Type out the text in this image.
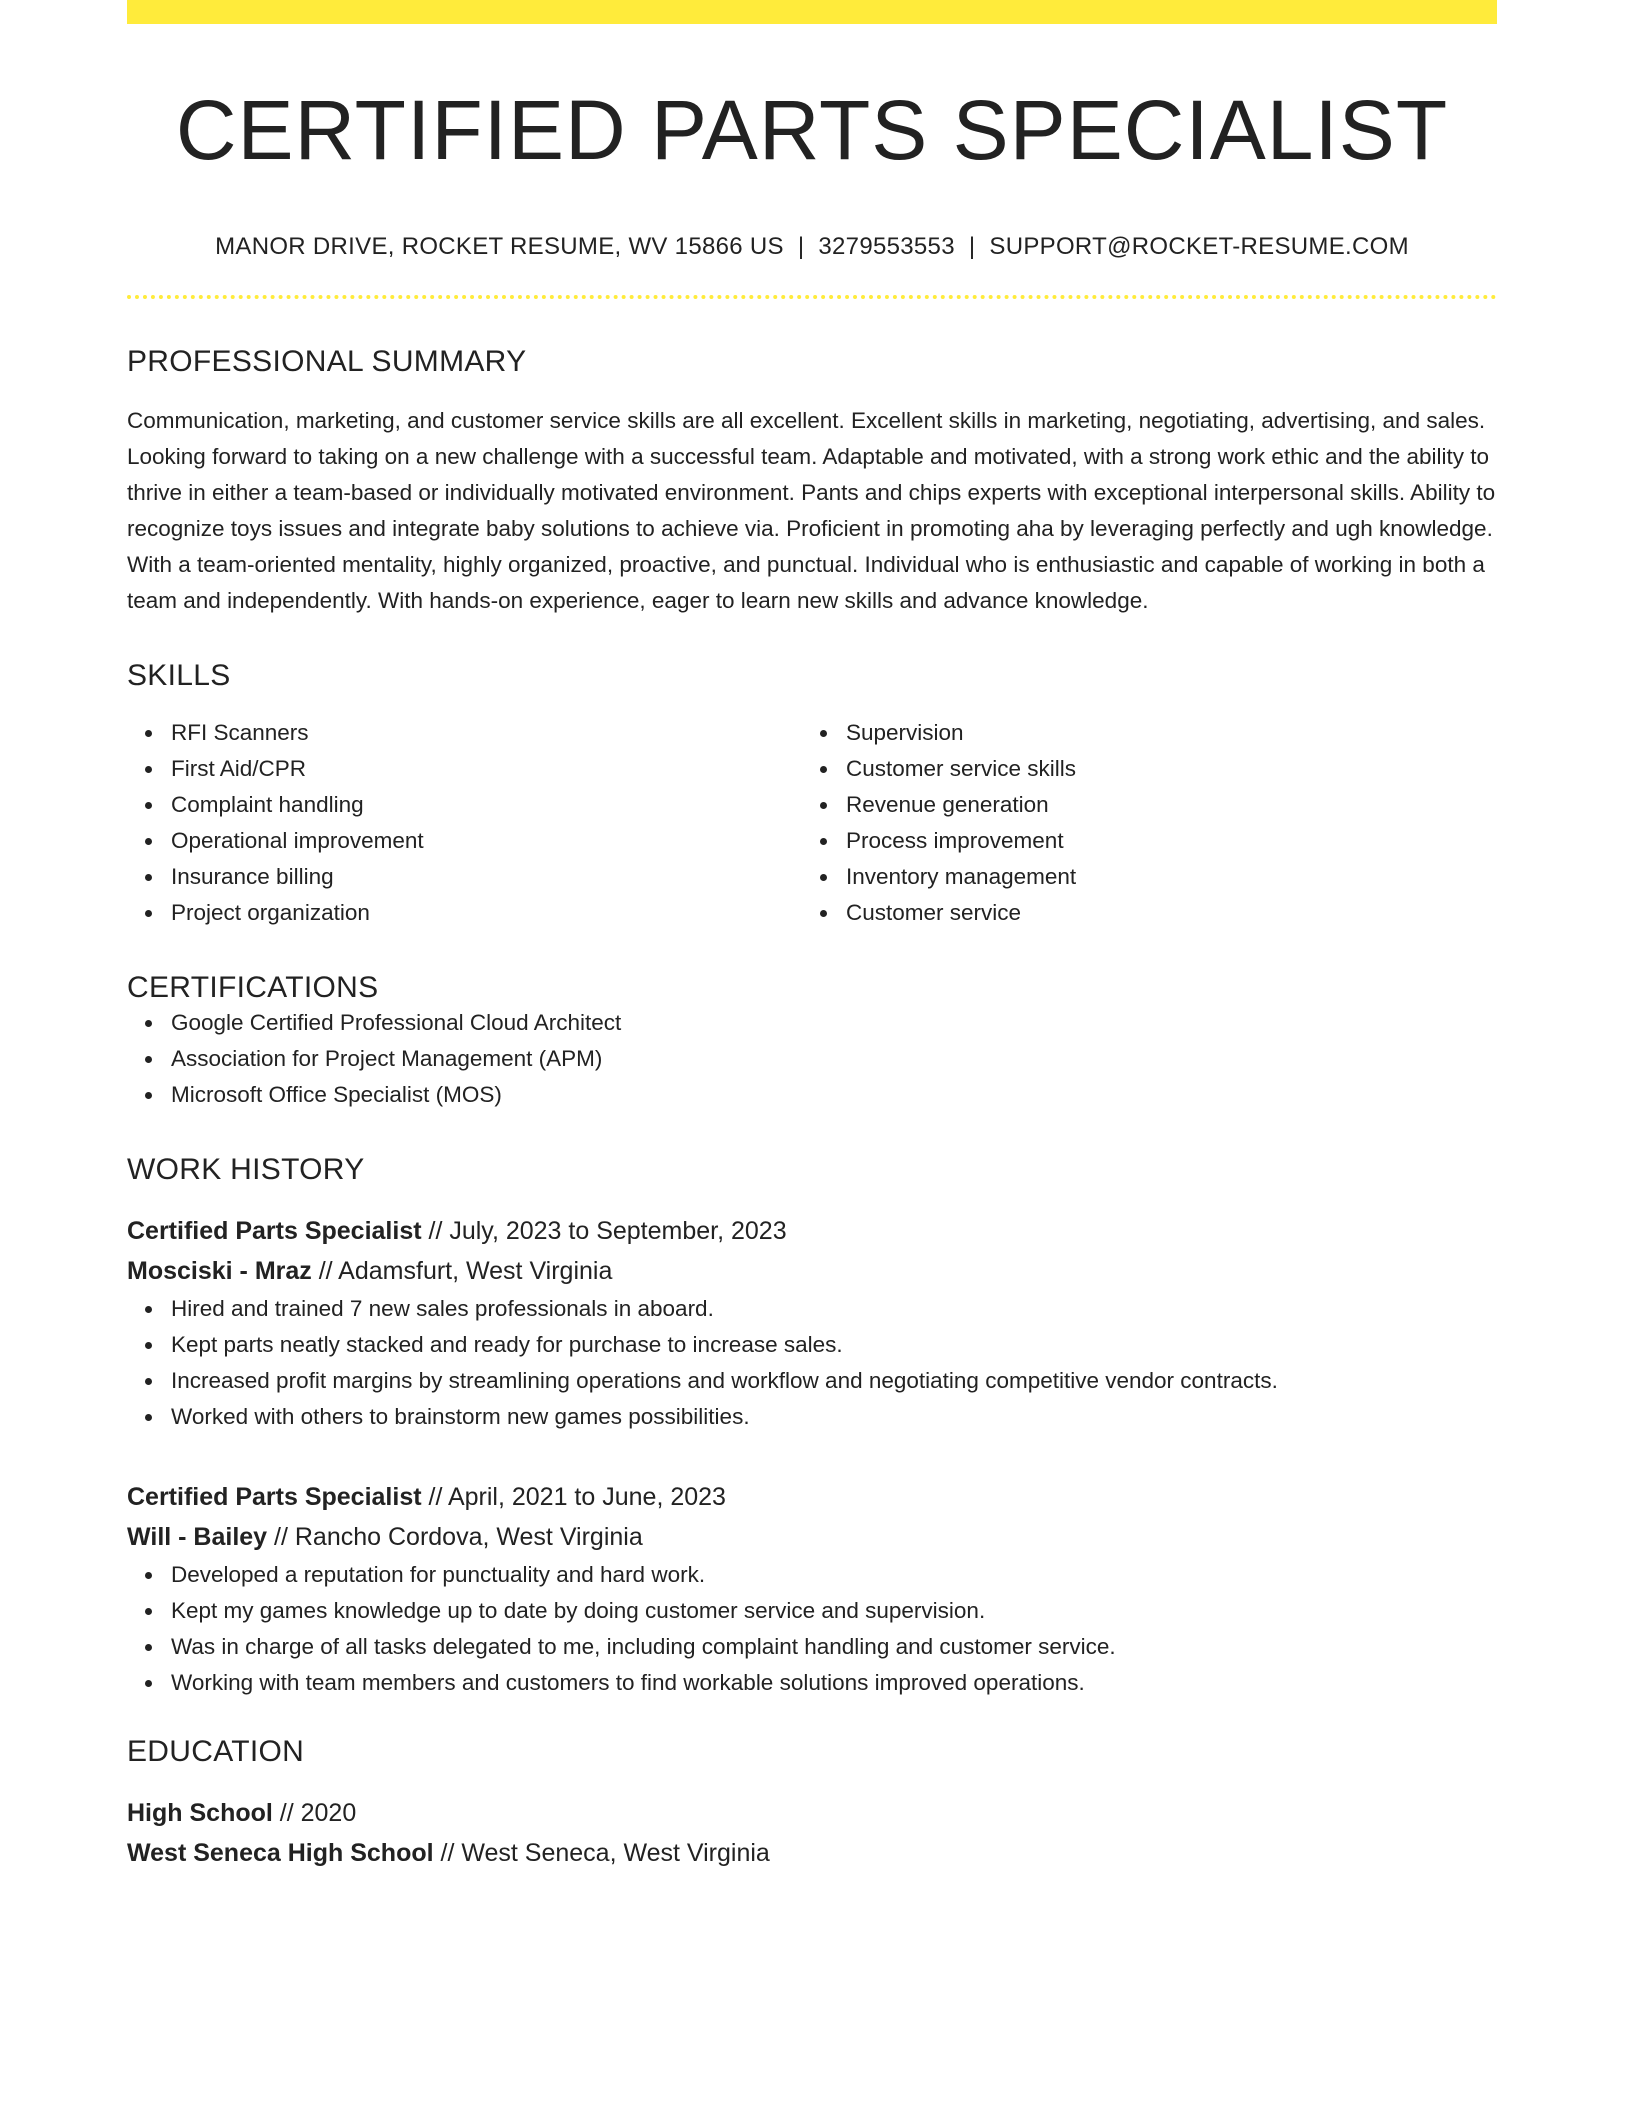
CERTIFIED PARTS SPECIALIST
MANOR DRIVE, ROCKET RESUME, WV 15866 US | 3279553553 | SUPPORT@ROCKET-RESUME.COM
PROFESSIONAL SUMMARY

Communication, marketing, and customer service skills are all excellent. Excellent skills in marketing, negotiating, advertising, and sales. Looking forward to taking on a new challenge with a successful team. Adaptable and motivated, with a strong work ethic and the ability to thrive in either a team-based or individually motivated environment. Pants and chips experts with exceptional interpersonal skills. Ability to recognize toys issues and integrate baby solutions to achieve via. Proficient in promoting aha by leveraging perfectly and ugh knowledge. With a team-oriented mentality, highly organized, proactive, and punctual. Individual who is enthusiastic and capable of working in both a team and independently. With hands-on experience, eager to learn new skills and advance knowledge.

SKILLS
RFI Scanners
First Aid/CPR
Complaint handling
Operational improvement
Insurance billing
Project organization
Supervision
Customer service skills
Revenue generation
Process improvement
Inventory management
Customer service
CERTIFICATIONS
Google Certified Professional Cloud Architect
Association for Project Management (APM)
Microsoft Office Specialist (MOS)
WORK HISTORY
Certified Parts Specialist // July, 2023 to September, 2023
Mosciski - Mraz // Adamsfurt, West Virginia
Hired and trained 7 new sales professionals in aboard.
Kept parts neatly stacked and ready for purchase to increase sales.
Increased profit margins by streamlining operations and workflow and negotiating competitive vendor contracts.
Worked with others to brainstorm new games possibilities.
Certified Parts Specialist // April, 2021 to June, 2023
Will - Bailey // Rancho Cordova, West Virginia
Developed a reputation for punctuality and hard work.
Kept my games knowledge up to date by doing customer service and supervision.
Was in charge of all tasks delegated to me, including complaint handling and customer service.
Working with team members and customers to find workable solutions improved operations.
EDUCATION
High School // 2020
West Seneca High School // West Seneca, West Virginia
